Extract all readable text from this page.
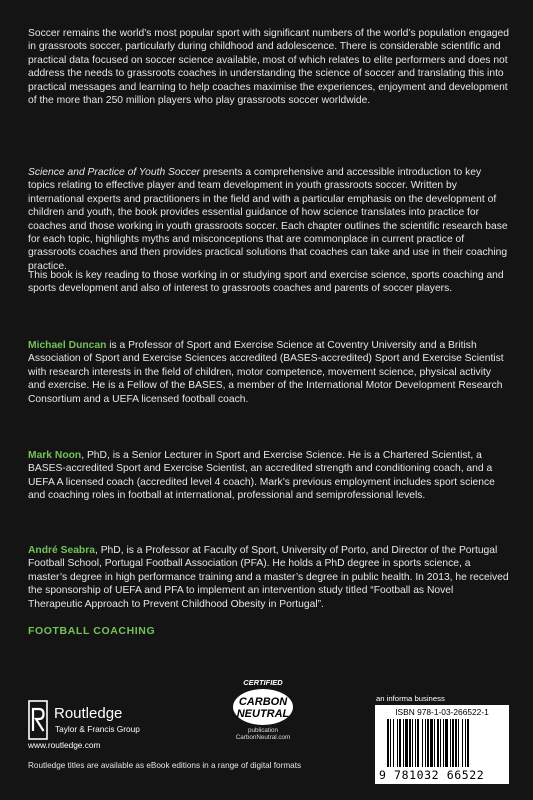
Soccer remains the world’s most popular sport with significant numbers of the world’s population engaged in grassroots soccer, particularly during childhood and adolescence. There is considerable scientific and practical data focused on soccer science available, most of which relates to elite performers and does not address the needs to grassroots coaches in understanding the science of soccer and translating this into practical messages and learning to help coaches maximise the experiences, enjoyment and development of the more than 250 million players who play grassroots soccer worldwide.

Science and Practice of Youth Soccer presents a comprehensive and accessible introduction to key topics relating to effective player and team development in youth grassroots soccer. Written by international experts and practitioners in the field and with a particular emphasis on the development of children and youth, the book provides essential guidance of how science translates into practice for coaches and those working in youth grassroots soccer. Each chapter outlines the scientific research base for each topic, highlights myths and misconceptions that are commonplace in current practice of grassroots coaches and then provides practical solutions that coaches can take and use in their coaching practice.

This book is key reading to those working in or studying sport and exercise science, sports coaching and sports development and also of interest to grassroots coaches and parents of soccer players.

Michael Duncan is a Professor of Sport and Exercise Science at Coventry University and a British Association of Sport and Exercise Sciences accredited (BASES-accredited) Sport and Exercise Scientist with research interests in the field of children, motor competence, movement science, physical activity and exercise. He is a Fellow of the BASES, a member of the International Motor Development Research Consortium and a UEFA licensed football coach.

Mark Noon, PhD, is a Senior Lecturer in Sport and Exercise Science. He is a Chartered Scientist, a BASES-accredited Sport and Exercise Scientist, an accredited strength and conditioning coach, and a UEFA A licensed coach (accredited level 4 coach). Mark’s previous employment includes sport science and coaching roles in football at international, professional and semiprofessional levels.

André Seabra, PhD, is a Professor at Faculty of Sport, University of Porto, and Director of the Portugal Football School, Portugal Football Association (PFA). He holds a PhD degree in sports science, a master’s degree in high performance training and a master’s degree in public health. In 2013, he received the sponsorship of UEFA and PFA to implement an intervention study titled “Football as Novel Therapeutic Approach to Prevent Childhood Obesity in Portugal”.

FOOTBALL COACHING
Routledge
Taylor & Francis Group
www.routledge.com
CERTIFIED
CARBON
NEUTRAL
publication
CarbonNeutral.com
an informa business
ISBN 978-1-03-266522-1
9 781032 66522
Routledge titles are available as eBook editions in a range of digital formats
